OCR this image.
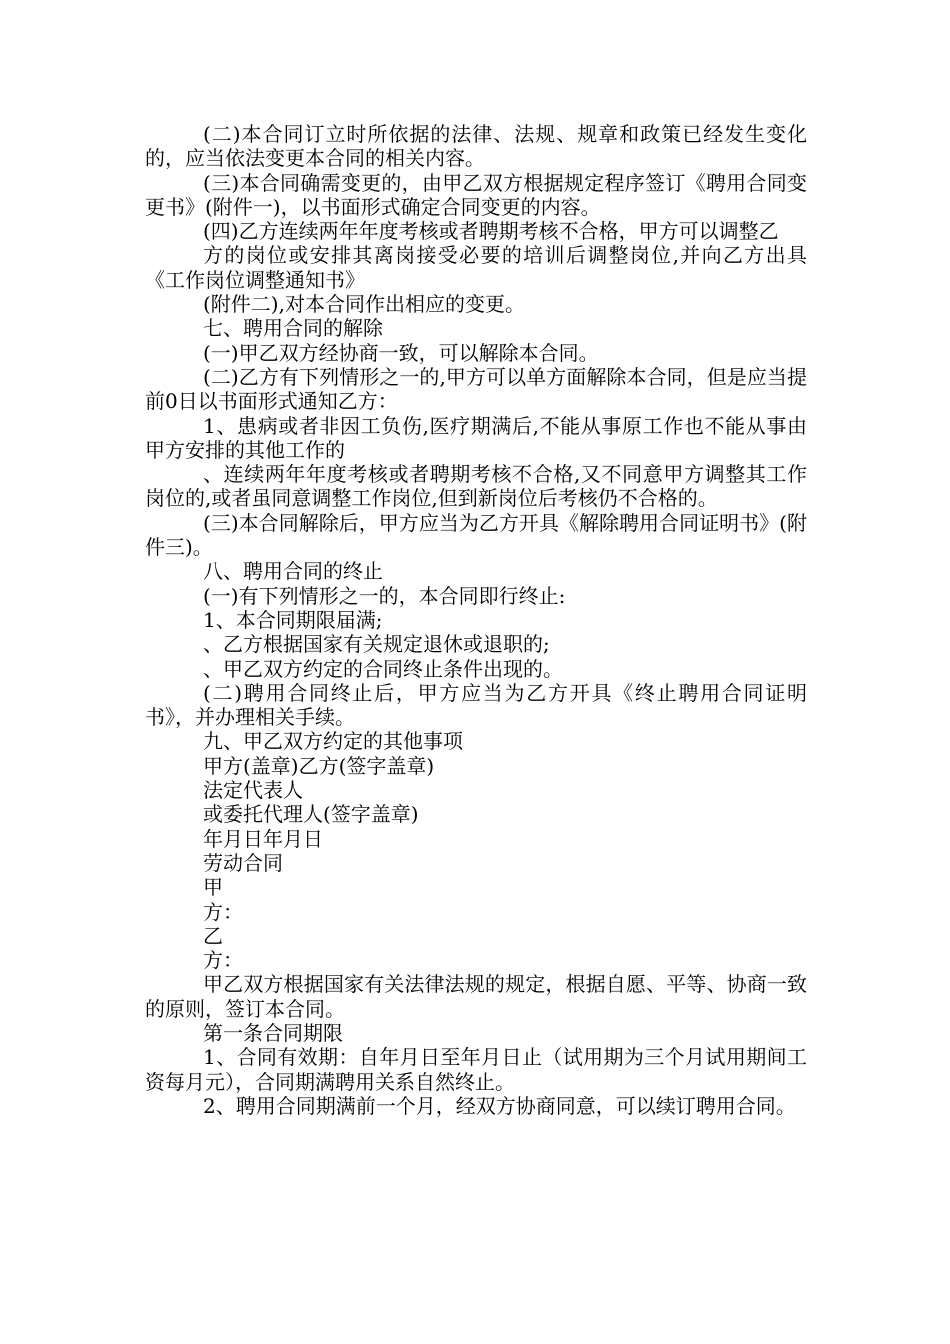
(二)本合同订立时所依据的法律、法规、规章和政策已经发生变化的，应当依法变更本合同的相关内容。

(三)本合同确需变更的，由甲乙双方根据规定程序签订《聘用合同变更书》(附件一)，以书面形式确定合同变更的内容。

(四)乙方连续两年年度考核或者聘期考核不合格，甲方可以调整乙

方的岗位或安排其离岗接受必要的培训后调整岗位,并向乙方出具《工作岗位调整通知书》

(附件二),对本合同作出相应的变更。

七、聘用合同的解除

(一)甲乙双方经协商一致，可以解除本合同。

(二)乙方有下列情形之一的,甲方可以单方面解除本合同，但是应当提前0日以书面形式通知乙方：

1、患病或者非因工负伤,医疗期满后,不能从事原工作也不能从事由甲方安排的其他工作的

、连续两年年度考核或者聘期考核不合格,又不同意甲方调整其工作岗位的,或者虽同意调整工作岗位,但到新岗位后考核仍不合格的。

(三)本合同解除后，甲方应当为乙方开具《解除聘用合同证明书》(附件三)。

八、聘用合同的终止

(一)有下列情形之一的，本合同即行终止:

1、本合同期限届满;

、乙方根据国家有关规定退休或退职的;

、甲乙双方约定的合同终止条件出现的。

(二)聘用合同终止后，甲方应当为乙方开具《终止聘用合同证明书》，并办理相关手续。

九、甲乙双方约定的其他事项

甲方(盖章)乙方(签字盖章)

法定代表人

或委托代理人(签字盖章)

年月日年月日

劳动合同

甲

方：

乙

方：

甲乙双方根据国家有关法律法规的规定，根据自愿、平等、协商一致的原则，签订本合同。

第一条合同期限

1、合同有效期：自年月日至年月日止（试用期为三个月试用期间工资每月元），合同期满聘用关系自然终止。

2、聘用合同期满前一个月，经双方协商同意，可以续订聘用合同。
